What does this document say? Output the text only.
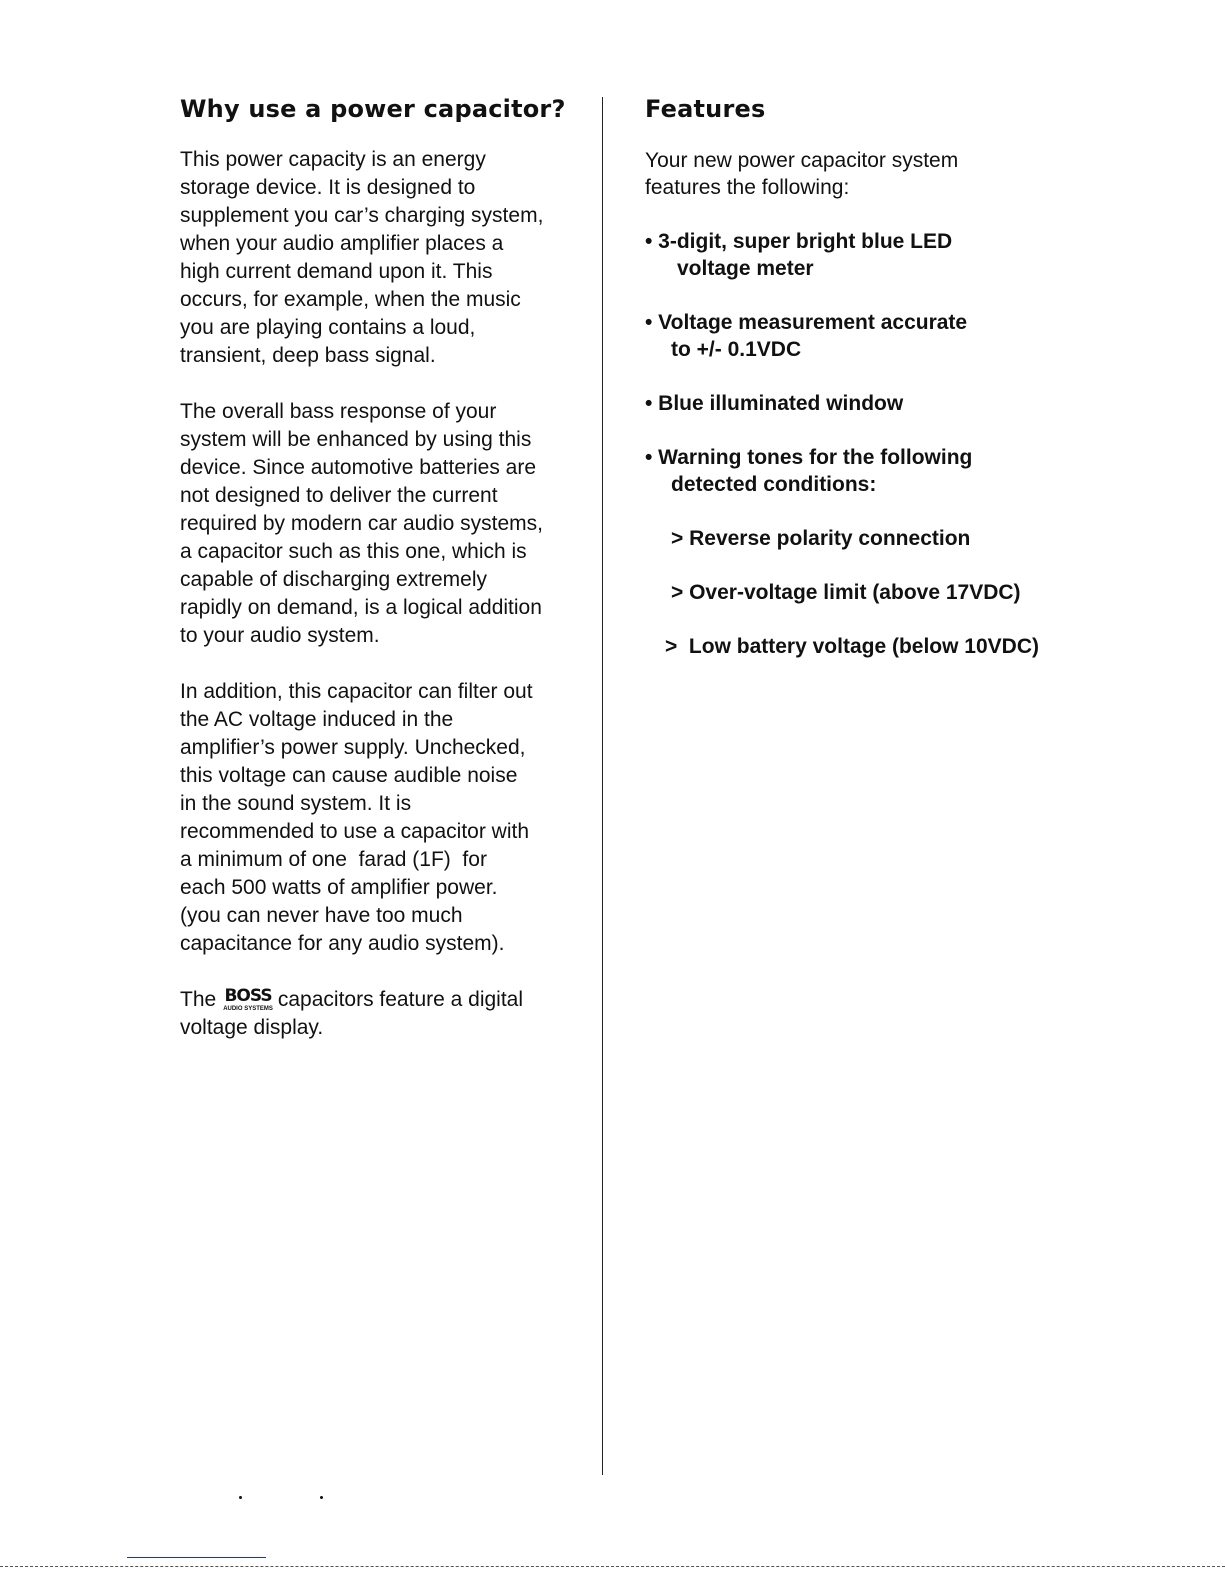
Why use a power capacitor?
This power capacity is an energy
storage device. It is designed to
supplement you car’s charging system,
when your audio amplifier places a
high current demand upon it. This
occurs, for example, when the music
you are playing contains a loud,
transient, deep bass signal.
The overall bass response of your
system will be enhanced by using this
device. Since automotive batteries are
not designed to deliver the current
required by modern car audio systems,
a capacitor such as this one, which is
capable of discharging extremely
rapidly on demand, is a logical addition
to your audio system.
In addition, this capacitor can filter out
the AC voltage induced in the
amplifier’s power supply. Unchecked,
this voltage can cause audible noise
in the sound system. It is
recommended to use a capacitor with
a minimum of one  farad (1F)  for
each 500 watts of amplifier power.
(you can never have too much
capacitance for any audio system).
The BOSS
AUDIO SYSTEMS capacitors feature a digital
voltage display.
Features
Your new power capacitor system
features the following:
• 3-digit, super bright blue LED
voltage meter
• Voltage measurement accurate
to +/- 0.1VDC
• Blue illuminated window
• Warning tones for the following
detected conditions:
> Reverse polarity connection
> Over-voltage limit (above 17VDC)
>  Low battery voltage (below 10VDC)
